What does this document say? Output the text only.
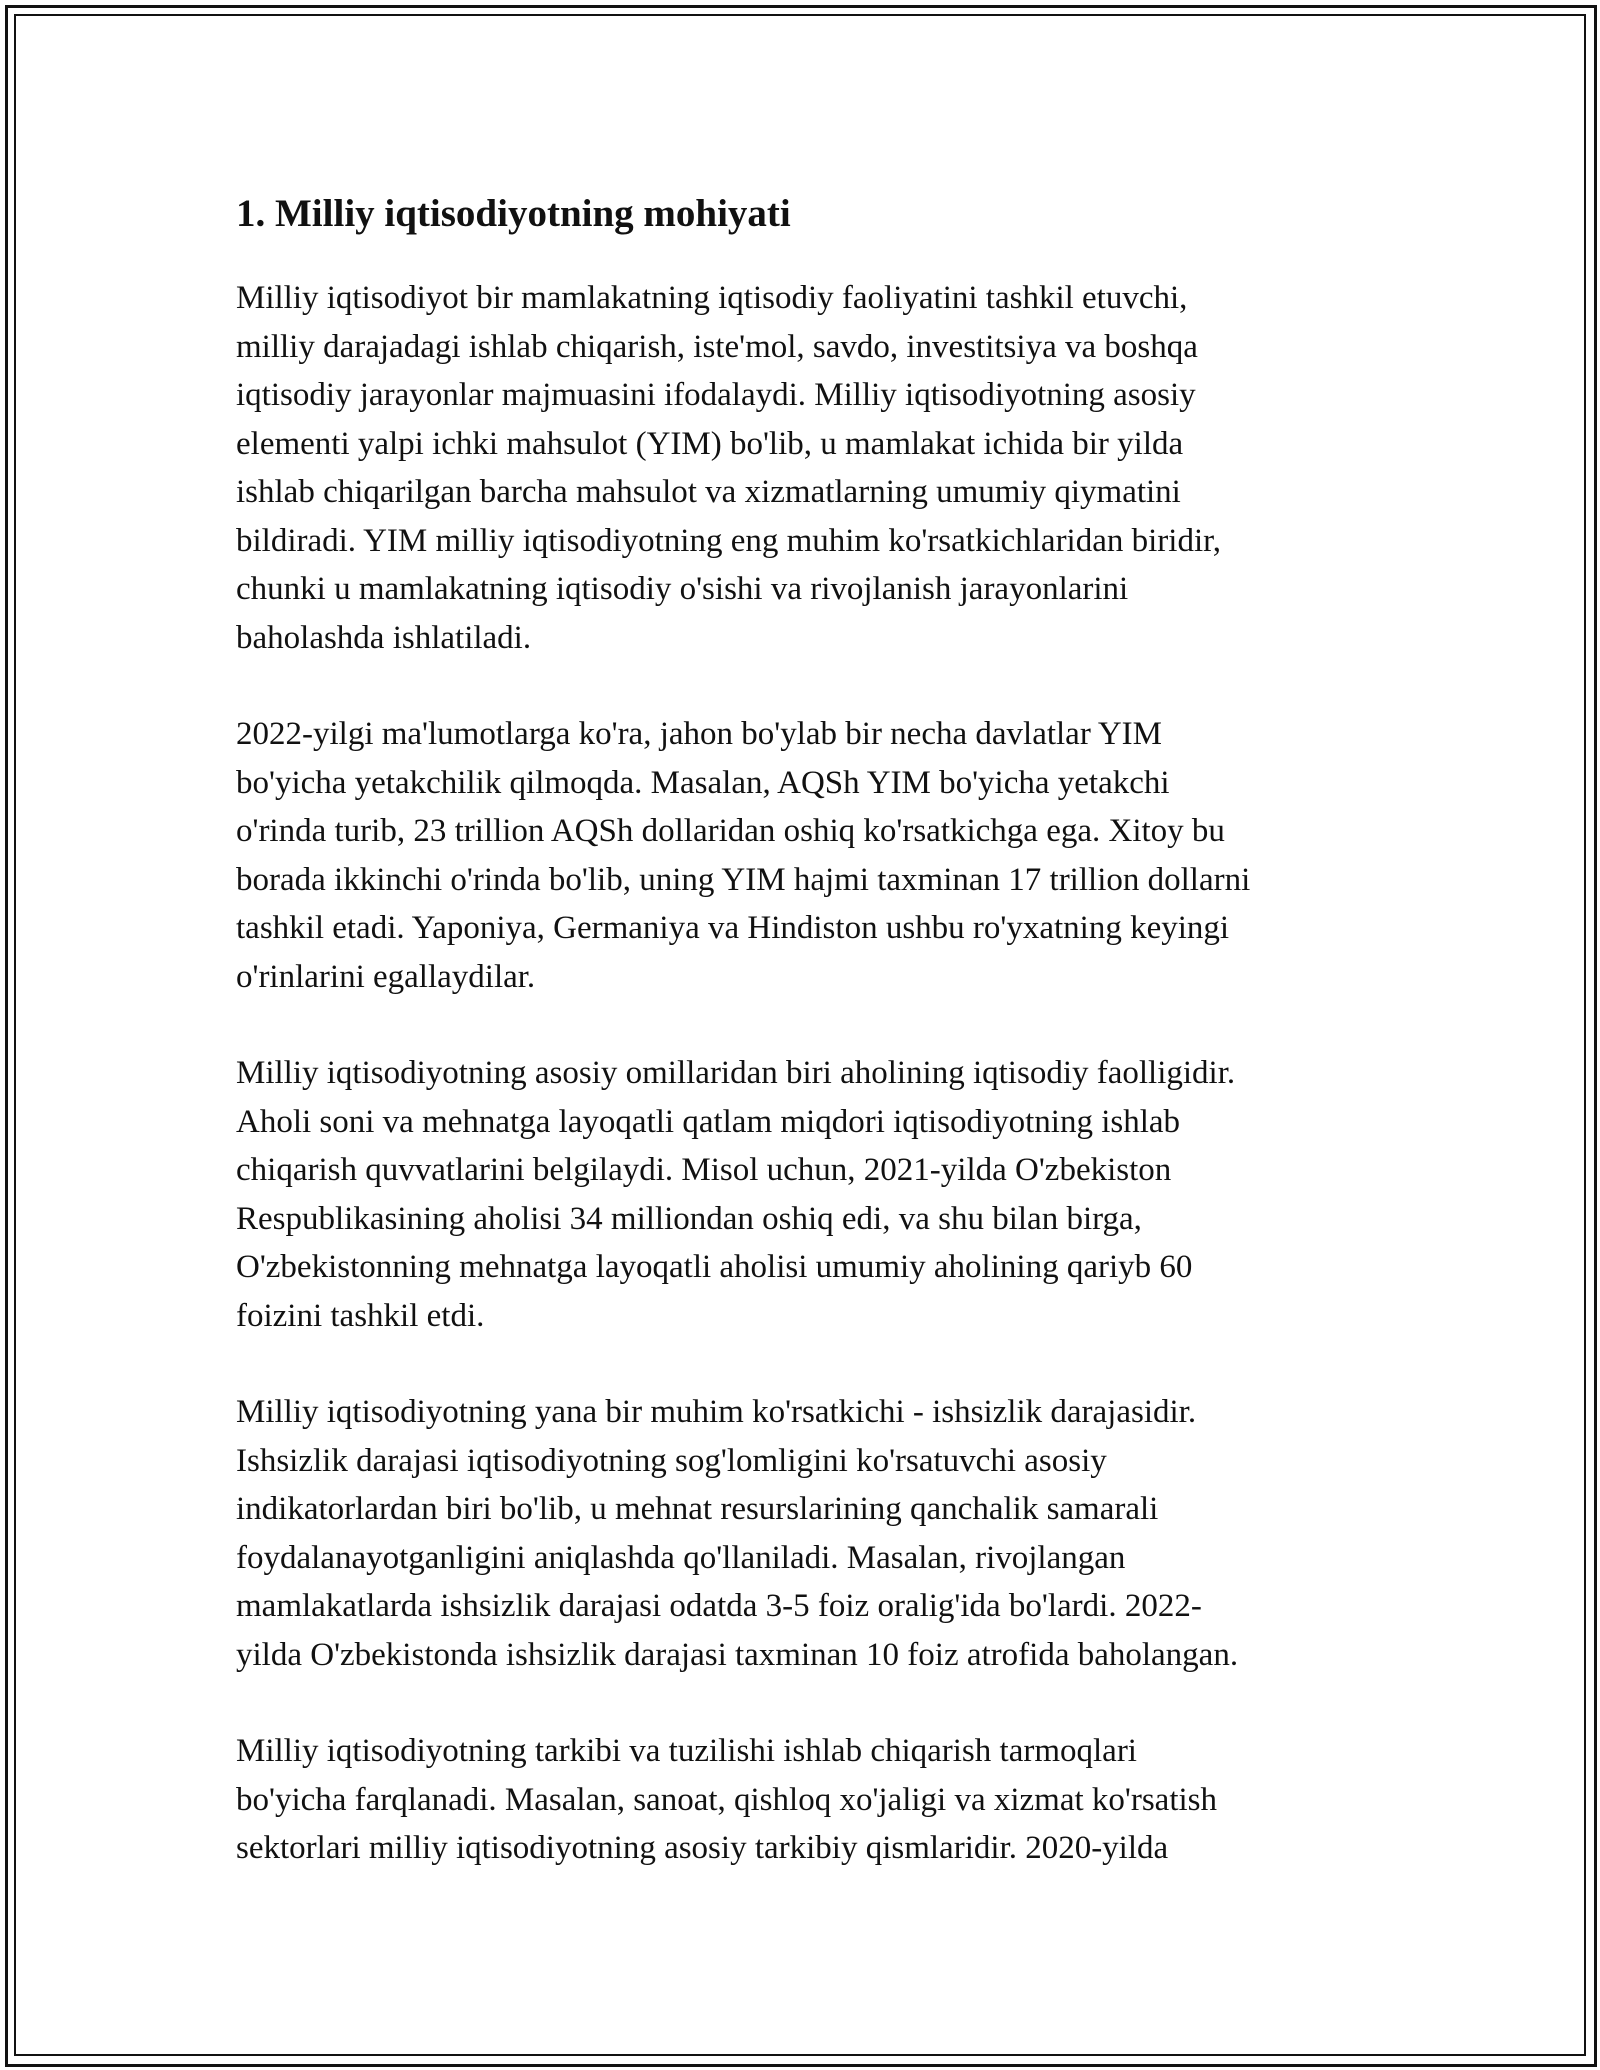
1. Milliy iqtisodiyotning mohiyati

Milliy iqtisodiyot bir mamlakatning iqtisodiy faoliyatini tashkil etuvchi,
milliy darajadagi ishlab chiqarish, iste'mol, savdo, investitsiya va boshqa
iqtisodiy jarayonlar majmuasini ifodalaydi. Milliy iqtisodiyotning asosiy
elementi yalpi ichki mahsulot (YIM) bo'lib, u mamlakat ichida bir yilda
ishlab chiqarilgan barcha mahsulot va xizmatlarning umumiy qiymatini
bildiradi. YIM milliy iqtisodiyotning eng muhim ko'rsatkichlaridan biridir,
chunki u mamlakatning iqtisodiy o'sishi va rivojlanish jarayonlarini
baholashda ishlatiladi.

2022-yilgi ma'lumotlarga ko'ra, jahon bo'ylab bir necha davlatlar YIM
bo'yicha yetakchilik qilmoqda. Masalan, AQSh YIM bo'yicha yetakchi
o'rinda turib, 23 trillion AQSh dollaridan oshiq ko'rsatkichga ega. Xitoy bu
borada ikkinchi o'rinda bo'lib, uning YIM hajmi taxminan 17 trillion dollarni
tashkil etadi. Yaponiya, Germaniya va Hindiston ushbu ro'yxatning keyingi
o'rinlarini egallaydilar.

Milliy iqtisodiyotning asosiy omillaridan biri aholining iqtisodiy faolligidir.
Aholi soni va mehnatga layoqatli qatlam miqdori iqtisodiyotning ishlab
chiqarish quvvatlarini belgilaydi. Misol uchun, 2021-yilda O'zbekiston
Respublikasining aholisi 34 milliondan oshiq edi, va shu bilan birga,
O'zbekistonning mehnatga layoqatli aholisi umumiy aholining qariyb 60
foizini tashkil etdi.

Milliy iqtisodiyotning yana bir muhim ko'rsatkichi - ishsizlik darajasidir.
Ishsizlik darajasi iqtisodiyotning sog'lomligini ko'rsatuvchi asosiy
indikatorlardan biri bo'lib, u mehnat resurslarining qanchalik samarali
foydalanayotganligini aniqlashda qo'llaniladi. Masalan, rivojlangan
mamlakatlarda ishsizlik darajasi odatda 3-5 foiz oralig'ida bo'lardi. 2022-
yilda O'zbekistonda ishsizlik darajasi taxminan 10 foiz atrofida baholangan.

Milliy iqtisodiyotning tarkibi va tuzilishi ishlab chiqarish tarmoqlari
bo'yicha farqlanadi. Masalan, sanoat, qishloq xo'jaligi va xizmat ko'rsatish
sektorlari milliy iqtisodiyotning asosiy tarkibiy qismlaridir. 2020-yilda
